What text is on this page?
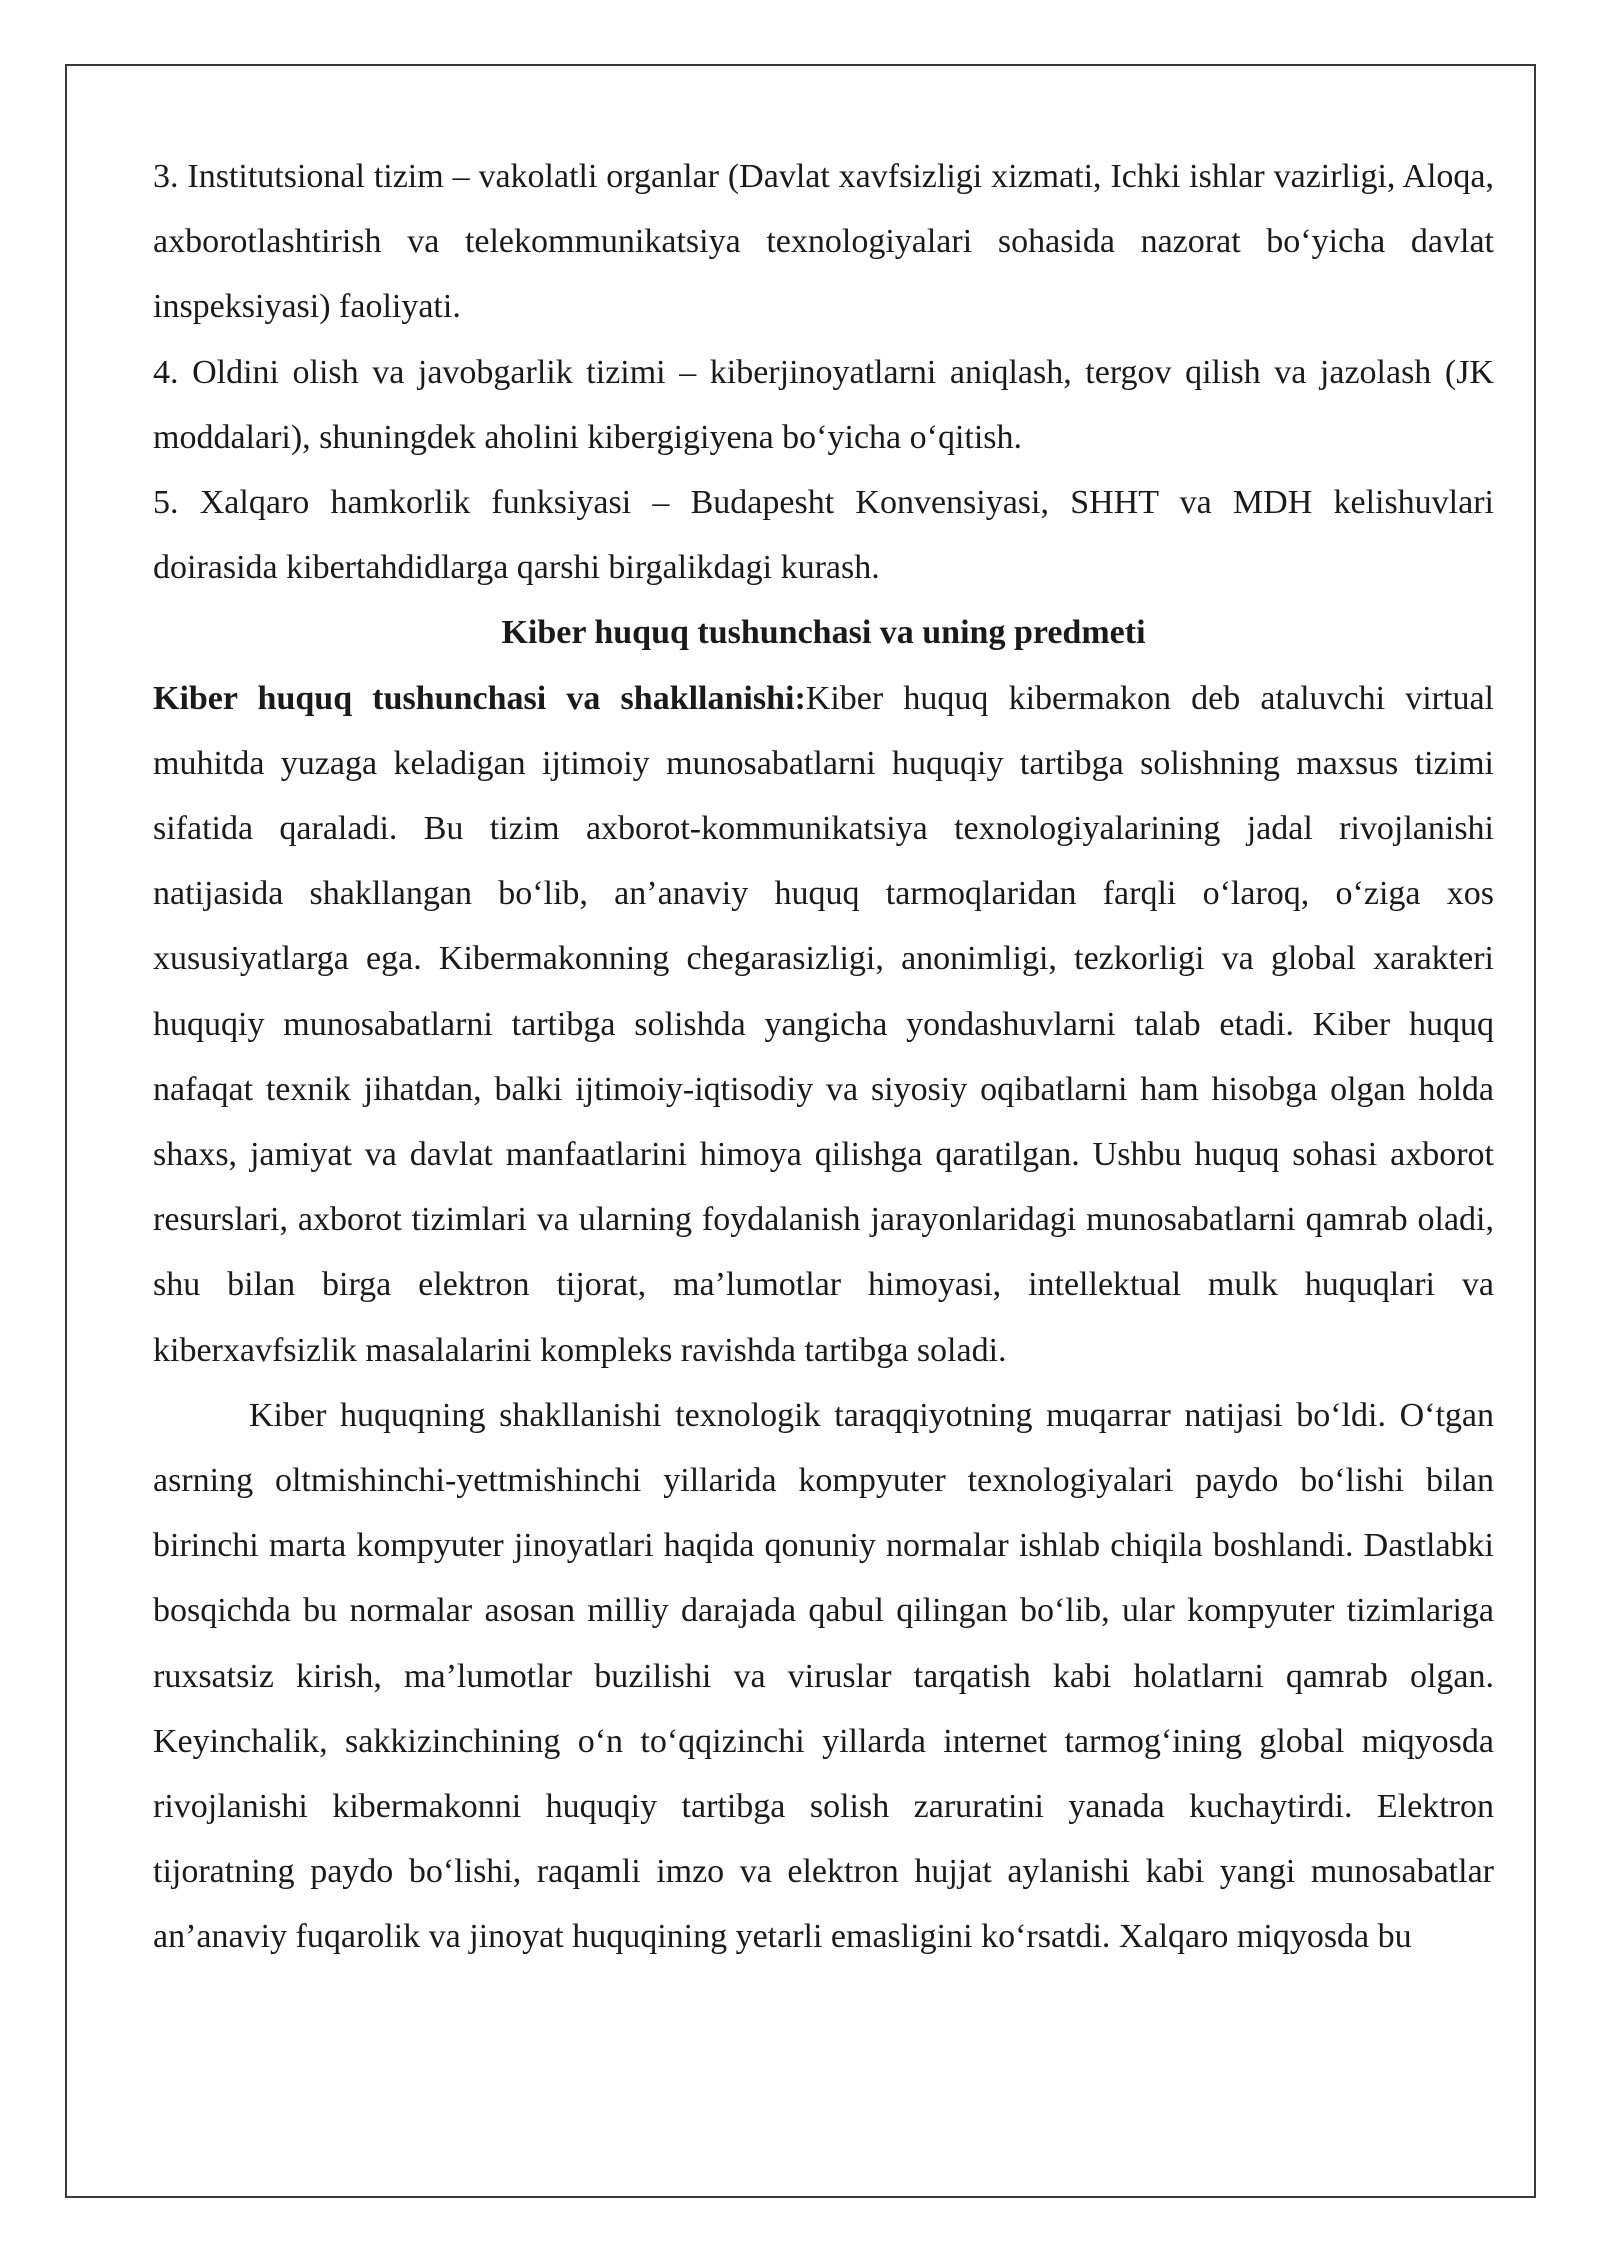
3. Institutsional tizim – vakolatli organlar (Davlat xavfsizligi xizmati, Ichki ishlar vazirligi, Aloqa, axborotlashtirish va telekommunikatsiya texnologiyalari sohasida nazorat bo‘yicha davlat inspeksiyasi) faoliyati.

4. Oldini olish va javobgarlik tizimi – kiberjinoyatlarni aniqlash, tergov qilish va jazolash (JK moddalari), shuningdek aholini kibergigiyena bo‘yicha o‘qitish.

5. Xalqaro hamkorlik funksiyasi – Budapesht Konvensiyasi, SHHT va MDH kelishuvlari doirasida kibertahdidlarga qarshi birgalikdagi kurash.

Kiber huquq tushunchasi va uning predmeti

Kiber huquq tushunchasi va shakllanishi:Kiber huquq kibermakon deb ataluvchi virtual muhitda yuzaga keladigan ijtimoiy munosabatlarni huquqiy tartibga solishning maxsus tizimi sifatida qaraladi. Bu tizim axborot-kommunikatsiya texnologiyalarining jadal rivojlanishi natijasida shakllangan bo‘lib, an’anaviy huquq tarmoqlaridan farqli o‘laroq, o‘ziga xos xususiyatlarga ega. Kibermakonning chegarasizligi, anonimligi, tezkorligi va global xarakteri huquqiy munosabatlarni tartibga solishda yangicha yondashuvlarni talab etadi. Kiber huquq nafaqat texnik jihatdan, balki ijtimoiy-iqtisodiy va siyosiy oqibatlarni ham hisobga olgan holda shaxs, jamiyat va davlat manfaatlarini himoya qilishga qaratilgan. Ushbu huquq sohasi axborot resurslari, axborot tizimlari va ularning foydalanish jarayonlaridagi munosabatlarni qamrab oladi, shu bilan birga elektron tijorat, ma’lumotlar himoyasi, intellektual mulk huquqlari va kiberxavfsizlik masalalarini kompleks ravishda tartibga soladi.

Kiber huquqning shakllanishi texnologik taraqqiyotning muqarrar natijasi bo‘ldi. O‘tgan asrning oltmishinchi-yettmishinchi yillarida kompyuter texnologiyalari paydo bo‘lishi bilan birinchi marta kompyuter jinoyatlari haqida qonuniy normalar ishlab chiqila boshlandi. Dastlabki bosqichda bu normalar asosan milliy darajada qabul qilingan bo‘lib, ular kompyuter tizimlariga ruxsatsiz kirish, ma’lumotlar buzilishi va viruslar tarqatish kabi holatlarni qamrab olgan. Keyinchalik, sakkizinchining o‘n to‘qqizinchi yillarda internet tarmog‘ining global miqyosda rivojlanishi kibermakonni huquqiy tartibga solish zaruratini yanada kuchaytirdi. Elektron tijoratning paydo bo‘lishi, raqamli imzo va elektron hujjat aylanishi kabi yangi munosabatlar an’anaviy fuqarolik va jinoyat huquqining yetarli emasligini ko‘rsatdi. Xalqaro miqyosda bu
